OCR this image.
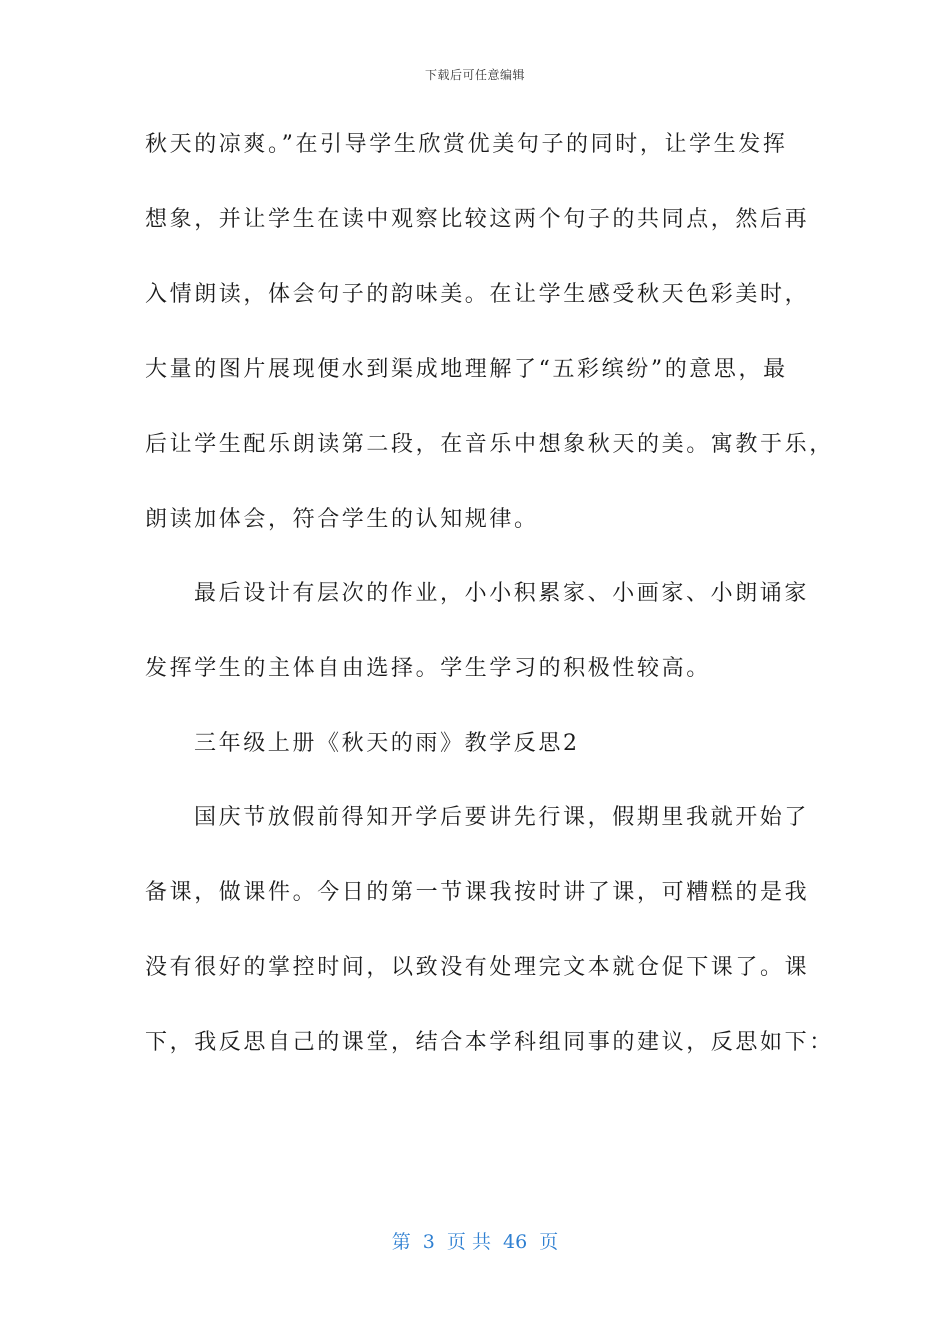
下载后可任意编辑
秋天的凉爽。”在引导学生欣赏优美句子的同时，让学生发挥
想象，并让学生在读中观察比较这两个句子的共同点，然后再
入情朗读，体会句子的韵味美。在让学生感受秋天色彩美时，
大量的图片展现便水到渠成地理解了“五彩缤纷”的意思，最
后让学生配乐朗读第二段，在音乐中想象秋天的美。寓教于乐，
朗读加体会，符合学生的认知规律。
最后设计有层次的作业，小小积累家、小画家、小朗诵家
发挥学生的主体自由选择。学生学习的积极性较高。
三年级上册《秋天的雨》教学反思2
国庆节放假前得知开学后要讲先行课，假期里我就开始了
备课，做课件。今日的第一节课我按时讲了课，可糟糕的是我
没有很好的掌控时间，以致没有处理完文本就仓促下课了。课
下，我反思自己的课堂，结合本学科组同事的建议，反思如下：
第 3 页 共 46 页
